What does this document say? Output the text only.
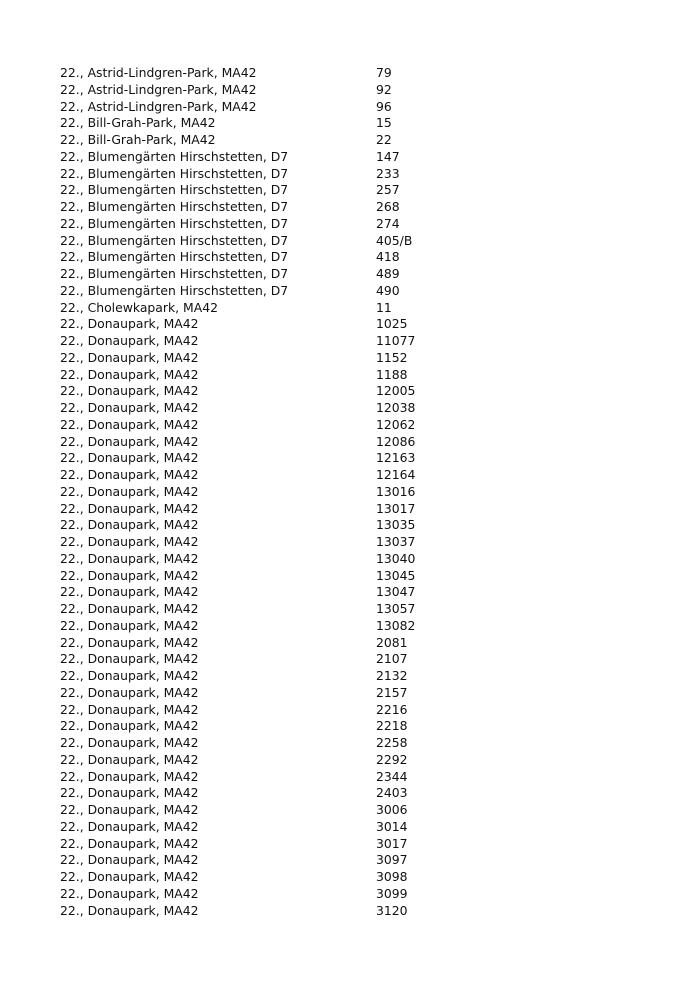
22., Astrid-Lindgren-Park, MA42	79
22., Astrid-Lindgren-Park, MA42	92
22., Astrid-Lindgren-Park, MA42	96
22., Bill-Grah-Park, MA42	15
22., Bill-Grah-Park, MA42	22
22., Blumengärten Hirschstetten, D7	147
22., Blumengärten Hirschstetten, D7	233
22., Blumengärten Hirschstetten, D7	257
22., Blumengärten Hirschstetten, D7	268
22., Blumengärten Hirschstetten, D7	274
22., Blumengärten Hirschstetten, D7	405/B
22., Blumengärten Hirschstetten, D7	418
22., Blumengärten Hirschstetten, D7	489
22., Blumengärten Hirschstetten, D7	490
22., Cholewkapark, MA42	11
22., Donaupark, MA42	1025
22., Donaupark, MA42	11077
22., Donaupark, MA42	1152
22., Donaupark, MA42	1188
22., Donaupark, MA42	12005
22., Donaupark, MA42	12038
22., Donaupark, MA42	12062
22., Donaupark, MA42	12086
22., Donaupark, MA42	12163
22., Donaupark, MA42	12164
22., Donaupark, MA42	13016
22., Donaupark, MA42	13017
22., Donaupark, MA42	13035
22., Donaupark, MA42	13037
22., Donaupark, MA42	13040
22., Donaupark, MA42	13045
22., Donaupark, MA42	13047
22., Donaupark, MA42	13057
22., Donaupark, MA42	13082
22., Donaupark, MA42	2081
22., Donaupark, MA42	2107
22., Donaupark, MA42	2132
22., Donaupark, MA42	2157
22., Donaupark, MA42	2216
22., Donaupark, MA42	2218
22., Donaupark, MA42	2258
22., Donaupark, MA42	2292
22., Donaupark, MA42	2344
22., Donaupark, MA42	2403
22., Donaupark, MA42	3006
22., Donaupark, MA42	3014
22., Donaupark, MA42	3017
22., Donaupark, MA42	3097
22., Donaupark, MA42	3098
22., Donaupark, MA42	3099
22., Donaupark, MA42	3120
